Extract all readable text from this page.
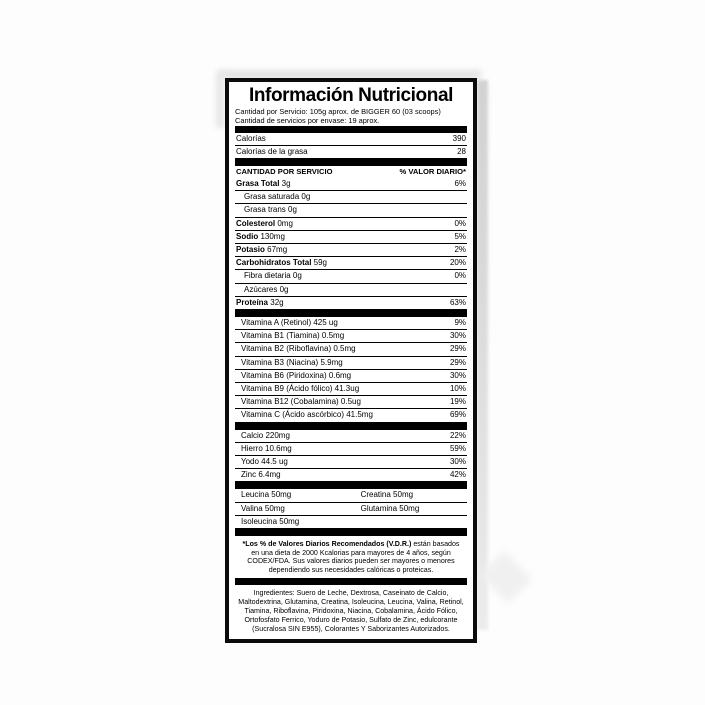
Información Nutricional
Cantidad por Servicio: 105g aprox. de BIGGER 60 (03 scoops)
Cantidad de servicios por envase: 19 aprox.
Calorías	390
Calorías de la grasa	28
CANTIDAD POR SERVICIO	% VALOR DIARIO*
Grasa Total 3g	6%
Grasa saturada 0g
Grasa trans 0g
Colesterol 0mg	0%
Sodio 130mg	5%
Potasio 67mg	2%
Carbohidratos Total 59g	20%
Fibra dietaria 0g	0%
Azúcares 0g
Proteína 32g	63%
Vitamina A (Retinol) 425 ug	9%
Vitamina B1 (Tiamina) 0.5mg	30%
Vitamina B2 (Riboflavina) 0.5mg	29%
Vitamina B3 (Niacina) 5.9mg	29%
Vitamina B6 (Piridoxina) 0.6mg	30%
Vitamina B9 (Ácido fólico) 41.3ug	10%
Vitamina B12 (Cobalamina) 0.5ug	19%
Vitamina C (Ácido ascórbico) 41.5mg	69%
Calcio 220mg	22%
Hierro 10.6mg	59%
Yodo 44.5 ug	30%
Zinc 6.4mg	42%
Leucina 50mg	Creatina 50mg
Valina 50mg	Glutamina 50mg
Isoleucina 50mg
*Los % de Valores Diarios Recomendados (V.D.R.) están basados en una dieta de 2000 Kcalorias para mayores de 4 años, según CODEX/FDA. Sus valores diarios pueden ser mayores o menores dependiendo sus necesidades calóricas o proteicas.
Ingredientes: Suero de Leche, Dextrosa, Caseinato de Calcio, Maltodextrina, Glutamina, Creatina, Isoleucina, Leucina, Valina, Retinol, Tiamina, Riboflavina, Piridoxina, Niacina, Cobalamina, Ácido Fólico, Ortofosfato Ferrico, Yoduro de Potasio, Sulfato de Zinc, edulcorante (Sucralosa SIN E955), Colorantes Y Saborizantes Autorizados.
